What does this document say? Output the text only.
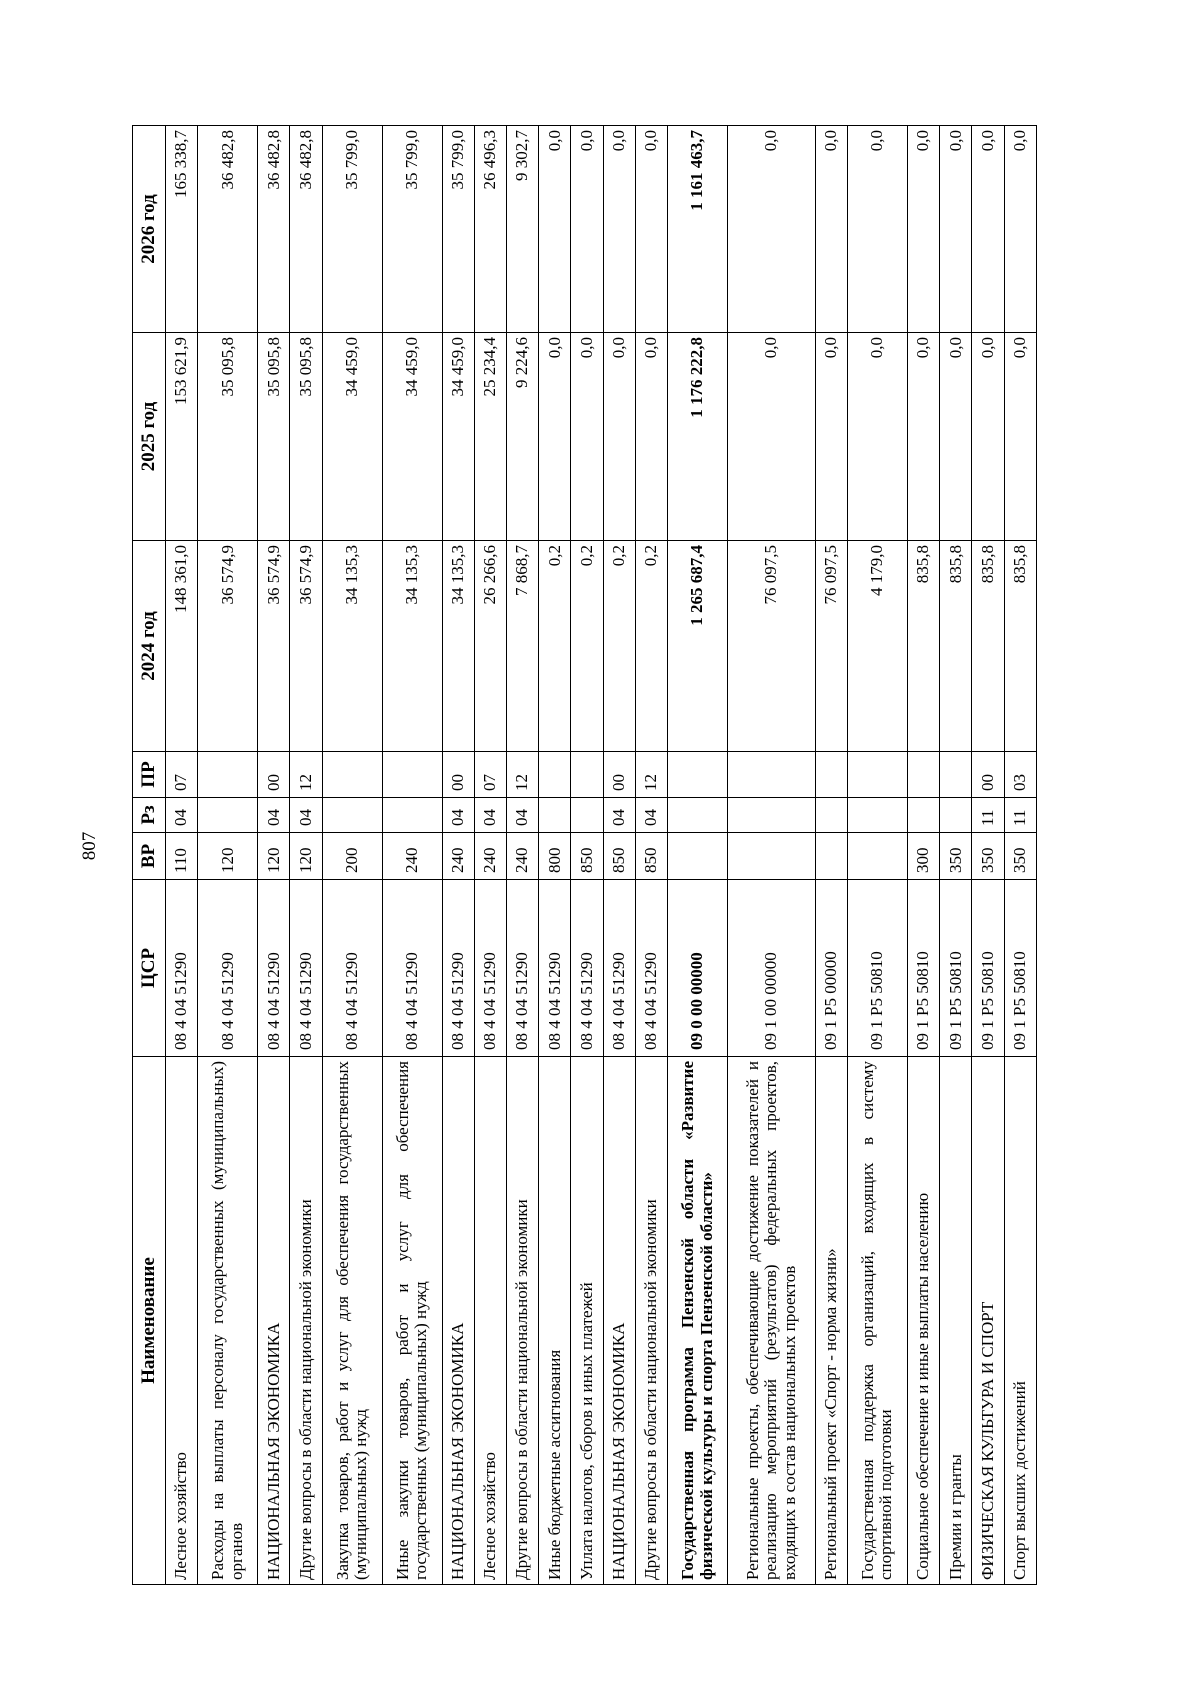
807
Наименование	ЦСР	ВР	Рз	ПР	2024 год	2025 год	2026 год
Лесное хозяйство	08 4 04 51290	110	04	07	148 361,0	153 621,9	165 338,7
Расходы на выплаты персоналу государственных (муниципальных) органов	08 4 04 51290	120			36 574,9	35 095,8	36 482,8
НАЦИОНАЛЬНАЯ ЭКОНОМИКА	08 4 04 51290	120	04	00	36 574,9	35 095,8	36 482,8
Другие вопросы в области национальной экономики	08 4 04 51290	120	04	12	36 574,9	35 095,8	36 482,8
Закупка товаров, работ и услуг для обеспечения государственных (муниципальных) нужд	08 4 04 51290	200			34 135,3	34 459,0	35 799,0
Иные закупки товаров, работ и услуг для обеспечения государственных (муниципальных) нужд	08 4 04 51290	240			34 135,3	34 459,0	35 799,0
НАЦИОНАЛЬНАЯ ЭКОНОМИКА	08 4 04 51290	240	04	00	34 135,3	34 459,0	35 799,0
Лесное хозяйство	08 4 04 51290	240	04	07	26 266,6	25 234,4	26 496,3
Другие вопросы в области национальной экономики	08 4 04 51290	240	04	12	7 868,7	9 224,6	9 302,7
Иные бюджетные ассигнования	08 4 04 51290	800			0,2	0,0	0,0
Уплата налогов, сборов и иных платежей	08 4 04 51290	850			0,2	0,0	0,0
НАЦИОНАЛЬНАЯ ЭКОНОМИКА	08 4 04 51290	850	04	00	0,2	0,0	0,0
Другие вопросы в области национальной экономики	08 4 04 51290	850	04	12	0,2	0,0	0,0
Государственная программа Пензенской области «Развитие физической культуры и спорта Пензенской области»	09 0 00 00000				1 265 687,4	1 176 222,8	1 161 463,7
Региональные проекты, обеспечивающие достижение показателей и реализацию мероприятий (результатов) федеральных проектов, входящих в состав национальных проектов	09 1 00 00000				76 097,5	0,0	0,0
Региональный проект «Спорт - норма жизни»	09 1 P5 00000				76 097,5	0,0	0,0
Государственная поддержка организаций, входящих в систему спортивной подготовки	09 1 P5 50810				4 179,0	0,0	0,0
Социальное обеспечение и иные выплаты населению	09 1 P5 50810	300			835,8	0,0	0,0
Премии и гранты	09 1 P5 50810	350			835,8	0,0	0,0
ФИЗИЧЕСКАЯ КУЛЬТУРА И СПОРТ	09 1 P5 50810	350	11	00	835,8	0,0	0,0
Спорт высших достижений	09 1 P5 50810	350	11	03	835,8	0,0	0,0
